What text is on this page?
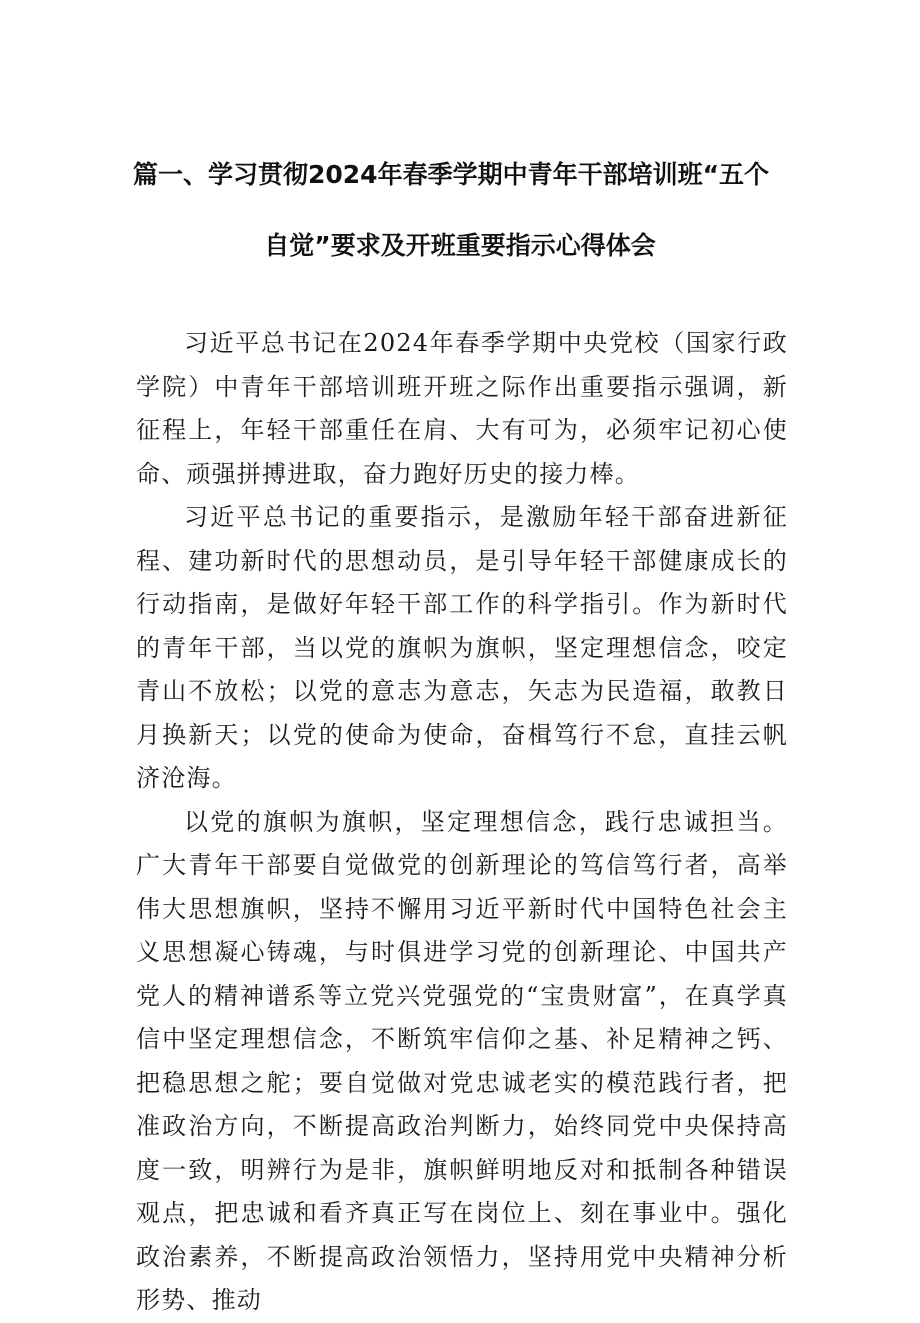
篇一、学习贯彻2024年春季学期中青年干部培训班“五个
自觉”要求及开班重要指示心得体会

习近平总书记在2024年春季学期中央党校（国家行政学院）中青年干部培训班开班之际作出重要指示强调，新征程上，年轻干部重任在肩、大有可为，必须牢记初心使命、顽强拼搏进取，奋力跑好历史的接力棒。

习近平总书记的重要指示，是激励年轻干部奋进新征程、建功新时代的思想动员，是引导年轻干部健康成长的行动指南，是做好年轻干部工作的科学指引。作为新时代的青年干部，当以党的旗帜为旗帜，坚定理想信念，咬定青山不放松；以党的意志为意志，矢志为民造福，敢教日月换新天；以党的使命为使命，奋楫笃行不怠，直挂云帆济沧海。

以党的旗帜为旗帜，坚定理想信念，践行忠诚担当。广大青年干部要自觉做党的创新理论的笃信笃行者，高举伟大思想旗帜，坚持不懈用习近平新时代中国特色社会主义思想凝心铸魂，与时俱进学习党的创新理论、中国共产党人的精神谱系等立党兴党强党的“宝贵财富”，在真学真信中坚定理想信念，不断筑牢信仰之基、补足精神之钙、把稳思想之舵；要自觉做对党忠诚老实的模范践行者，把准政治方向，不断提高政治判断力，始终同党中央保持高度一致，明辨行为是非，旗帜鲜明地反对和抵制各种错误观点，把忠诚和看齐真正写在岗位上、刻在事业中。强化政治素养，不断提高政治领悟力，坚持用党中央精神分析形势、推动
